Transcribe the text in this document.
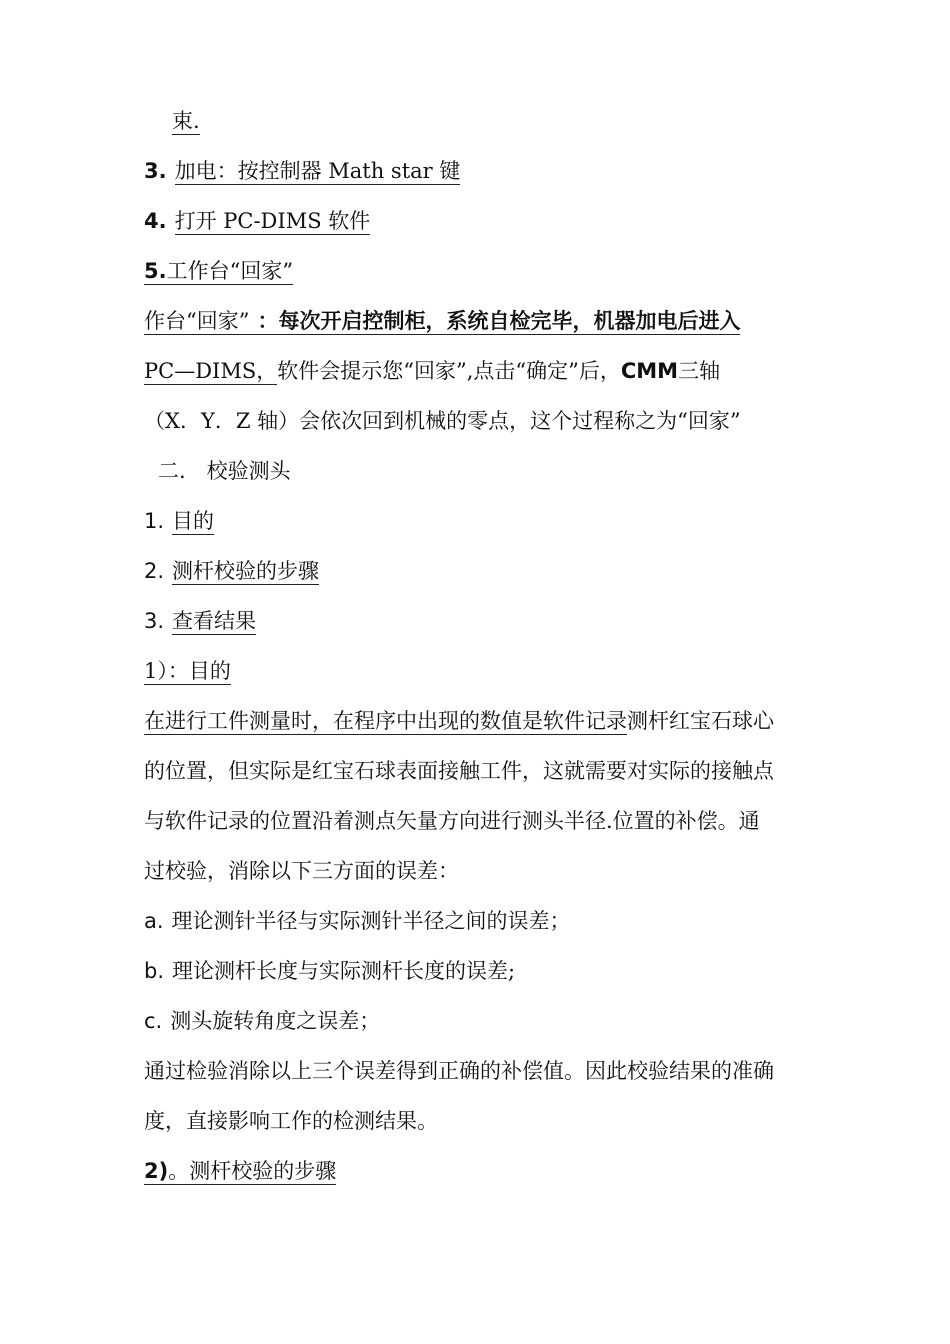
束.
3. 加电：按控制器 Math star 键
4. 打开 PC-DIMS 软件
5.工作台“回家”
作台“回家” ：每次开启控制柜，系统自检完毕，机器加电后进入
PC—DIMS，软件会提示您“回家”,点击“确定”后，CMM三轴
（X．Y．Z 轴）会依次回到机械的零点，这个过程称之为“回家”
二.　校验测头
1. 目的
2. 测杆校验的步骤
3. 查看结果
1）：目的
在进行工件测量时，在程序中出现的数值是软件记录测杆红宝石球心
的位置，但实际是红宝石球表面接触工件，这就需要对实际的接触点
与软件记录的位置沿着测点矢量方向进行测头半径.位置的补偿。通
过校验，消除以下三方面的误差：
a. 理论测针半径与实际测针半径之间的误差；
b. 理论测杆长度与实际测杆长度的误差;
c. 测头旋转角度之误差；
通过检验消除以上三个误差得到正确的补偿值。因此校验结果的准确
度，直接影响工作的检测结果。
2)。测杆校验的步骤
